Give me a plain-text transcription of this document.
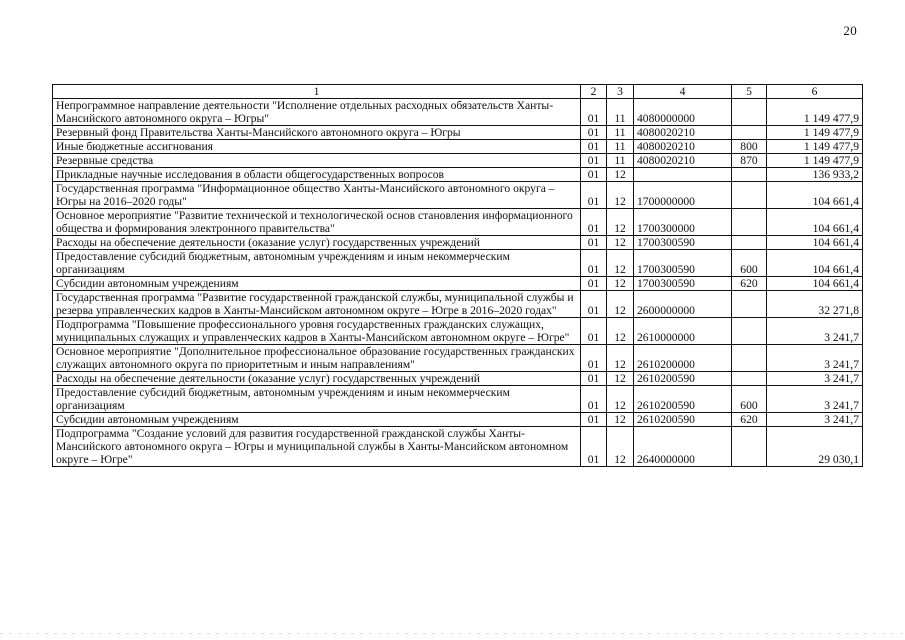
20
1	2	3	4	5	6
Непрограммное направление деятельности "Исполнение отдельных расходных обязательств Ханты-Мансийского автономного округа – Югры"	01	11	4080000000		1 149 477,9
Резервный фонд Правительства Ханты-Мансийского автономного округа – Югры	01	11	4080020210		1 149 477,9
Иные бюджетные ассигнования	01	11	4080020210	800	1 149 477,9
Резервные средства	01	11	4080020210	870	1 149 477,9
Прикладные научные исследования в области общегосударственных вопросов	01	12			136 933,2
Государственная программа "Информационное общество Ханты-Мансийского автономного округа – Югры на 2016–2020 годы"	01	12	1700000000		104 661,4
Основное мероприятие "Развитие технической и технологической основ становления информационного общества и формирования электронного правительства"	01	12	1700300000		104 661,4
Расходы на обеспечение деятельности (оказание услуг) государственных учреждений	01	12	1700300590		104 661,4
Предоставление субсидий бюджетным, автономным учреждениям и иным некоммерческим организациям	01	12	1700300590	600	104 661,4
Субсидии автономным учреждениям	01	12	1700300590	620	104 661,4
Государственная программа "Развитие государственной гражданской службы, муниципальной службы и резерва управленческих кадров в Ханты-Мансийском автономном округе – Югре в 2016–2020 годах"	01	12	2600000000		32 271,8
Подпрограмма "Повышение профессионального уровня государственных гражданских служащих, муниципальных служащих и управленческих кадров в Ханты-Мансийском автономном округе – Югре"	01	12	2610000000		3 241,7
Основное мероприятие "Дополнительное профессиональное образование государственных гражданских служащих автономного округа по приоритетным и иным направлениям"	01	12	2610200000		3 241,7
Расходы на обеспечение деятельности (оказание услуг) государственных учреждений	01	12	2610200590		3 241,7
Предоставление субсидий бюджетным, автономным учреждениям и иным некоммерческим организациям	01	12	2610200590	600	3 241,7
Субсидии автономным учреждениям	01	12	2610200590	620	3 241,7
Подпрограмма "Создание условий для развития государственной гражданской службы Ханты-Мансийского автономного округа – Югры и муниципальной службы в Ханты-Мансийском автономном округе – Югре"	01	12	2640000000		29 030,1
